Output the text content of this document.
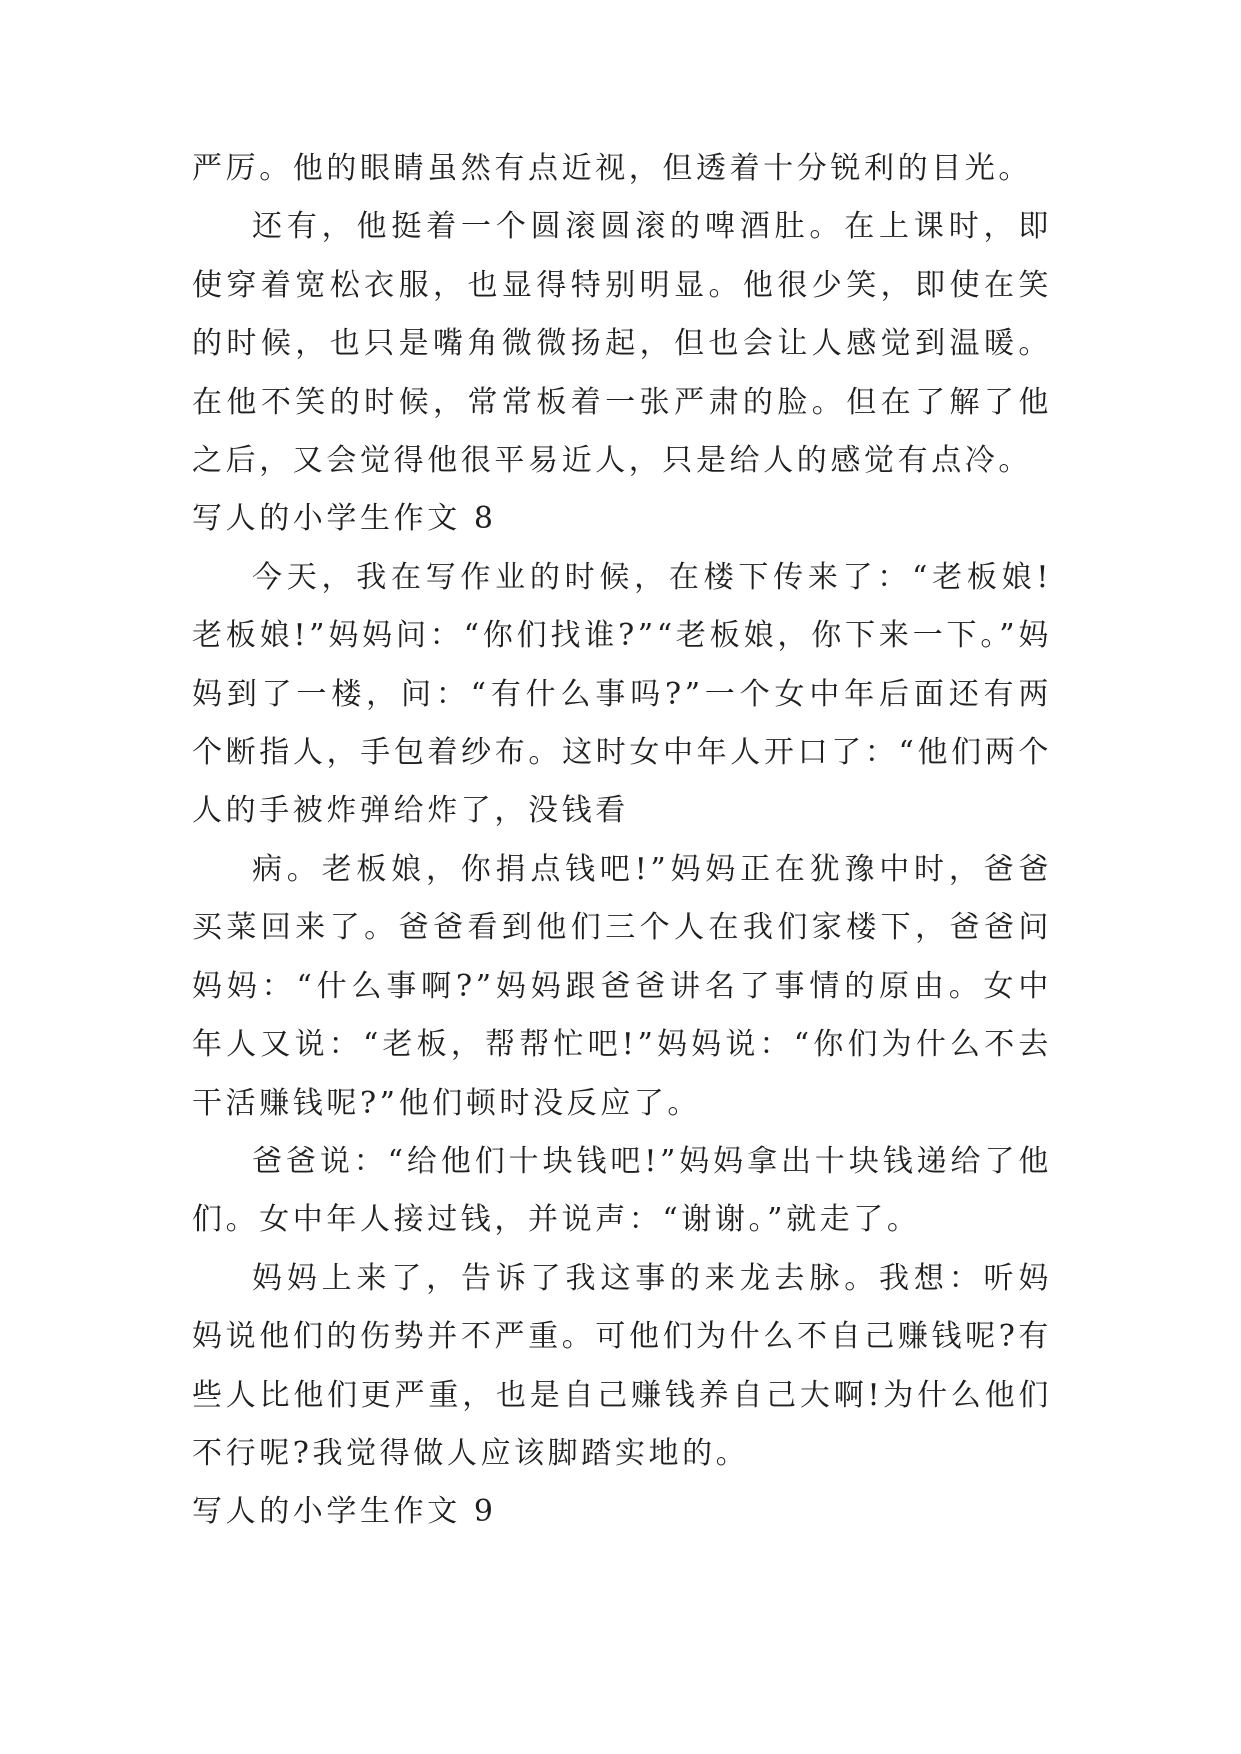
严厉。他的眼睛虽然有点近视，但透着十分锐利的目光。

还有，他挺着一个圆滚圆滚的啤酒肚。在上课时，即使穿着宽松衣服，也显得特别明显。他很少笑，即使在笑的时候，也只是嘴角微微扬起，但也会让人感觉到温暖。在他不笑的时候，常常板着一张严肃的脸。但在了解了他之后，又会觉得他很平易近人，只是给人的感觉有点冷。

写人的小学生作文 8

今天，我在写作业的时候，在楼下传来了：“老板娘!老板娘!”妈妈问：“你们找谁?”“老板娘，你下来一下。”妈妈到了一楼，问：“有什么事吗?”一个女中年后面还有两个断指人，手包着纱布。这时女中年人开口了：“他们两个人的手被炸弹给炸了，没钱看

病。老板娘，你捐点钱吧!”妈妈正在犹豫中时，爸爸买菜回来了。爸爸看到他们三个人在我们家楼下，爸爸问妈妈：“什么事啊?”妈妈跟爸爸讲名了事情的原由。女中年人又说：“老板，帮帮忙吧!”妈妈说：“你们为什么不去干活赚钱呢?”他们顿时没反应了。

爸爸说：“给他们十块钱吧!”妈妈拿出十块钱递给了他们。女中年人接过钱，并说声：“谢谢。”就走了。

妈妈上来了，告诉了我这事的来龙去脉。我想：听妈妈说他们的伤势并不严重。可他们为什么不自己赚钱呢?有些人比他们更严重，也是自己赚钱养自己大啊!为什么他们不行呢?我觉得做人应该脚踏实地的。

写人的小学生作文 9
